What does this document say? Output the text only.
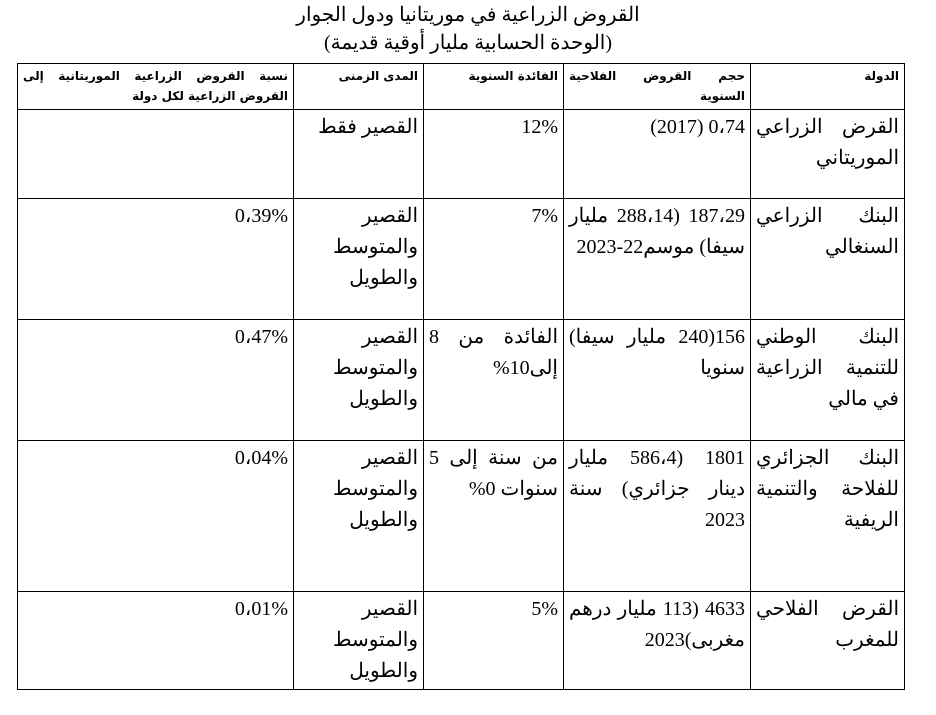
القروض الزراعية في موريتانيا ودول الجوار
(الوحدة الحسابية مليار أوقية قديمة)
الدولة	حجم القروض الفلاحية السنوية	الفائدة السنوية	المدى الزمنى	نسبة القروض الزراعية الموريتانية إلى القروض الزراعية لكل دولة
القرض الزراعي الموريتاني	0،74 (2017)	12%	القصير فقط	
البنك الزراعي السنغالي	187،29 (288،14 مليار سيفا) موسم22-2023	7%	القصير والمتوسط والطويل	0،39%
البنك الوطني للتنمية الزراعية في مالي	156(240 مليار سيفا) سنويا	الفائدة من 8 إلى10%	القصير والمتوسط والطويل	0،47%
البنك الجزائري للفلاحة والتنمية الريفية	1801 (586،4 مليار دينار جزائري) سنة 2023	من سنة إلى 5 سنوات 0%	القصير والمتوسط والطويل	0،04%
القرض الفلاحي للمغرب	4633 (113 مليار درهم مغربى)2023	5%	القصير والمتوسط والطويل	0،01%
